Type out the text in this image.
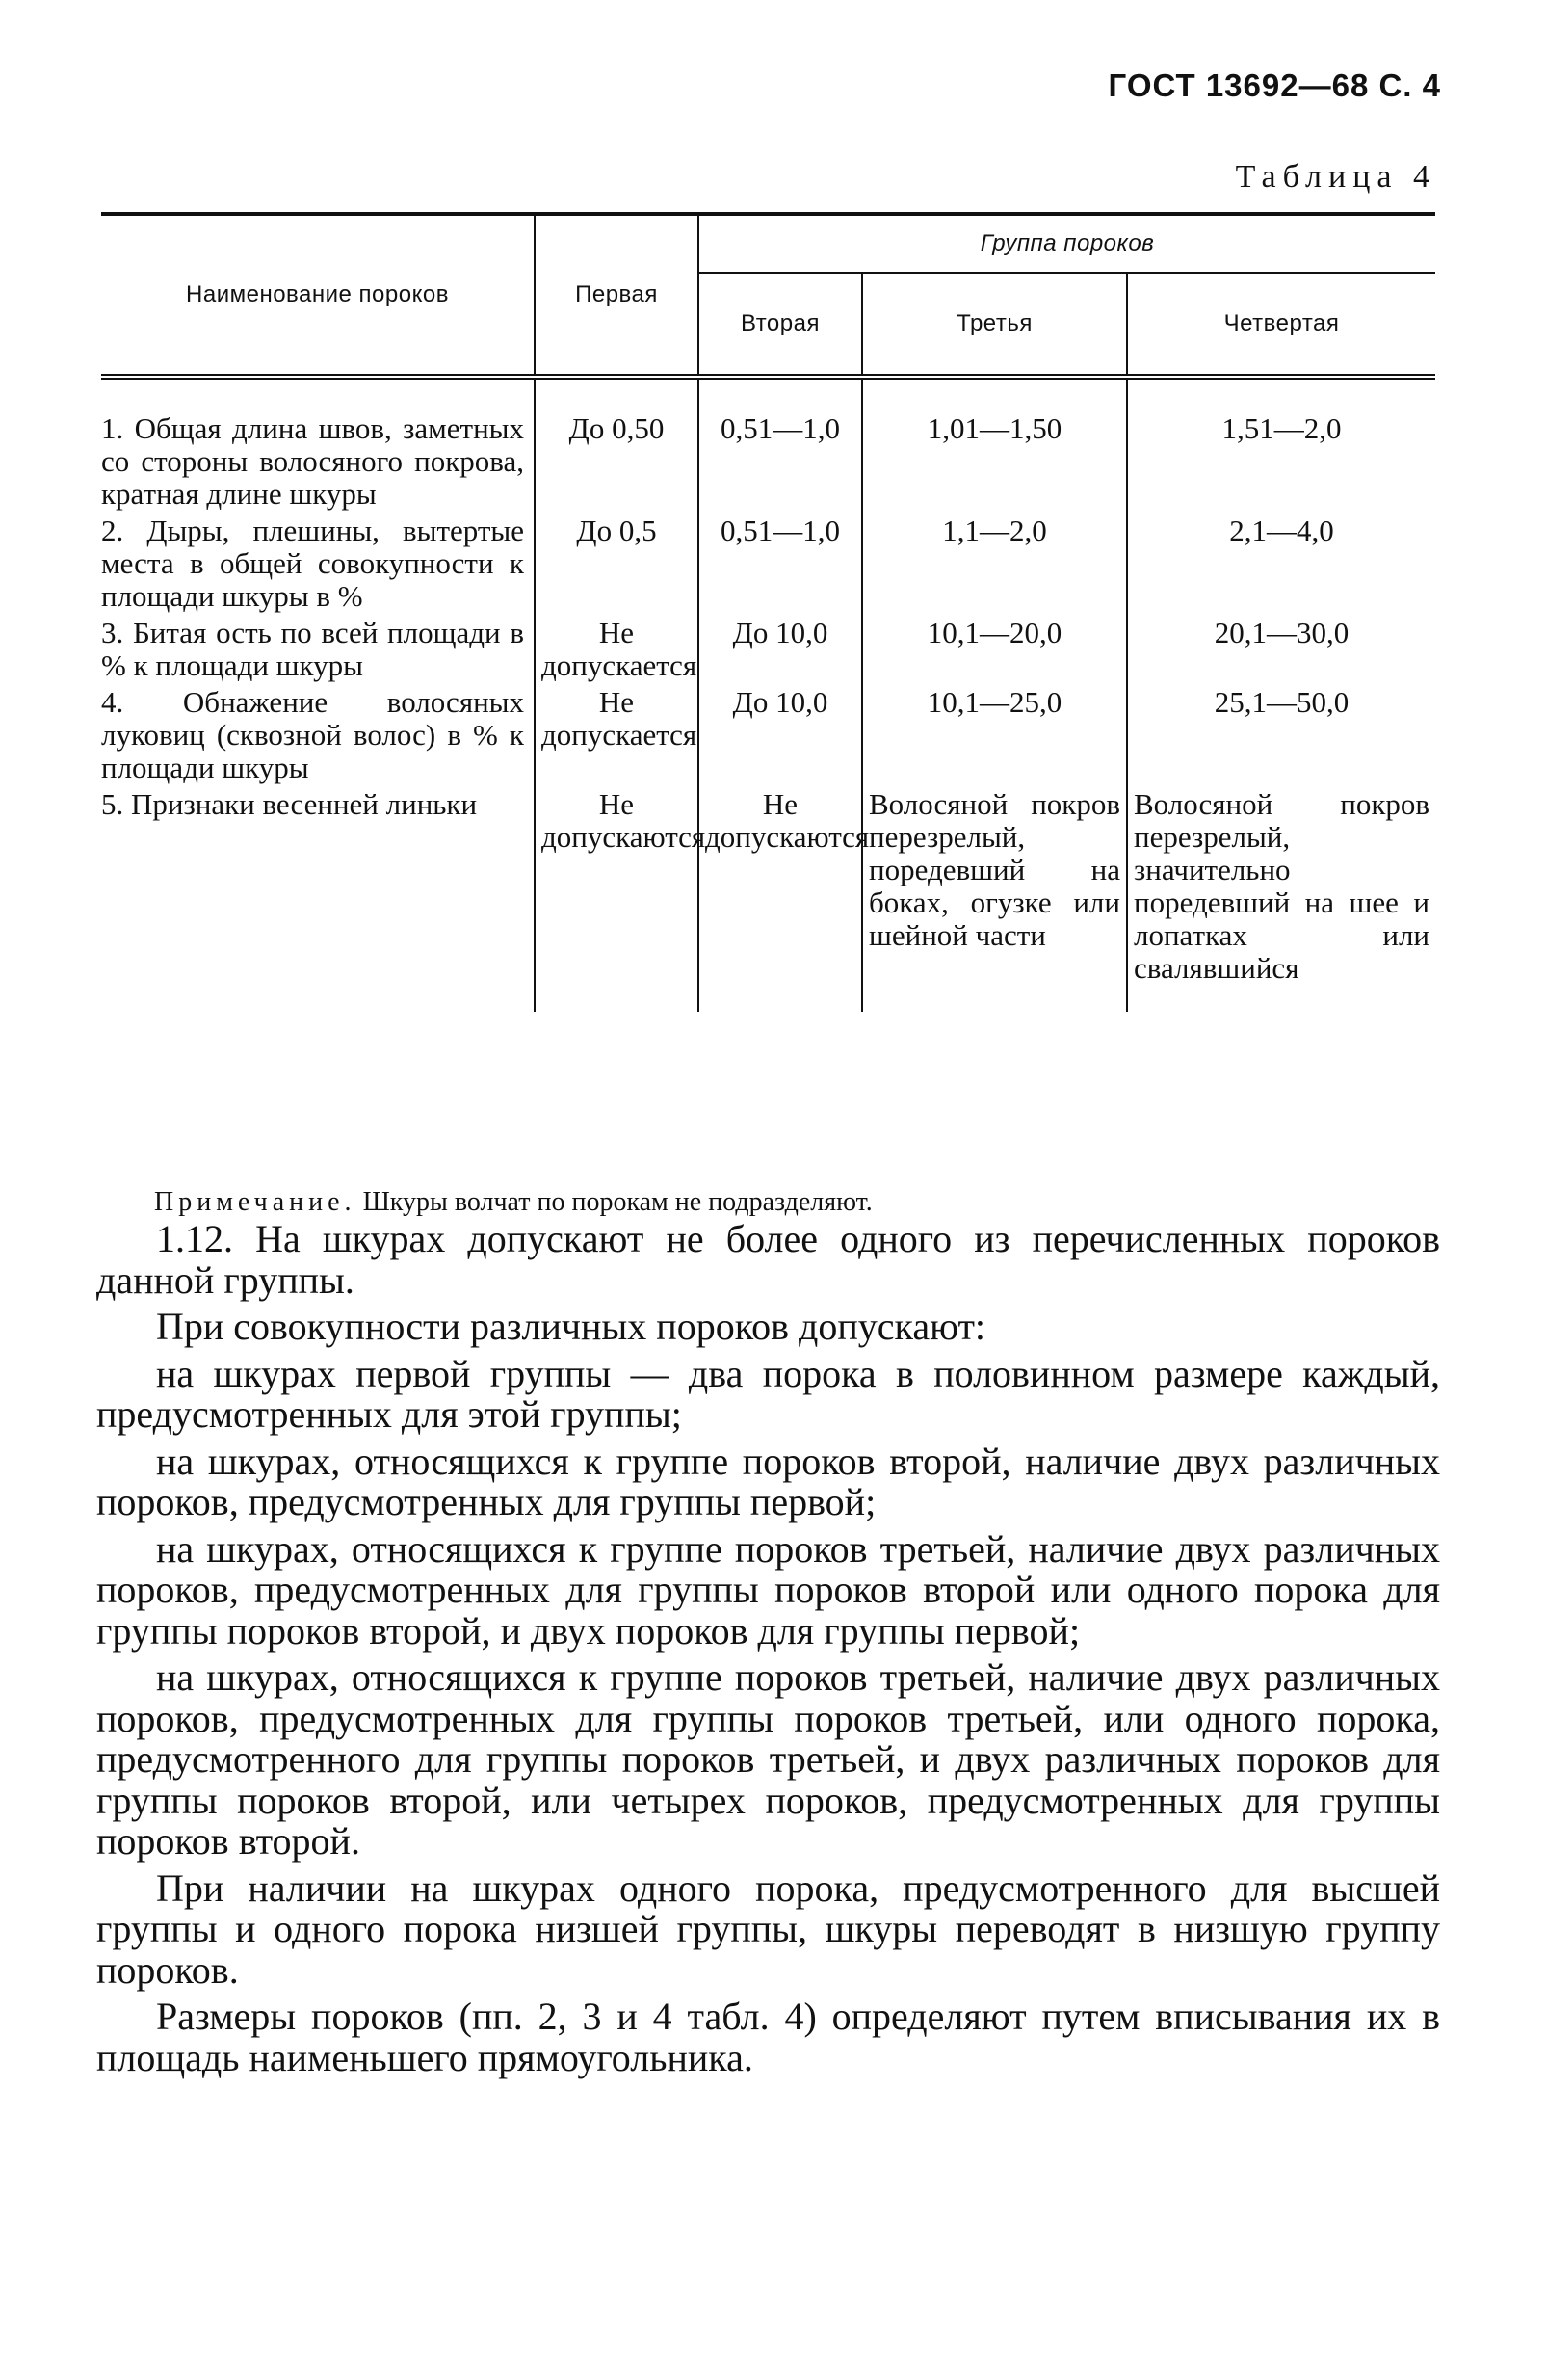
ГОСТ 13692—68 С. 4
Таблица 4
Наименование пороков	Первая	Группа пороков		
		Вторая	Третья	Четвертая
1. Общая длина швов, заметных со стороны волосяного покрова, кратная длине шкуры	До 0,50	0,51—1,0	1,01—1,50	1,51—2,0
2. Дыры, плешины, вытертые места в общей совокупности к площади шкуры в %	До 0,5	0,51—1,0	1,1—2,0	2,1—4,0
3. Битая ость по всей площади в % к площади шкуры	Не допускается	До 10,0	10,1—20,0	20,1—30,0
4. Обнажение волосяных луковиц (сквозной волос) в % к площади шкуры	Не допускается	До 10,0	10,1—25,0	25,1—50,0
5. Признаки весенней линьки	Не допускаются	Не допускаются	Волосяной покров перезрелый, поредевший на боках, огузке или шейной части	Волосяной покров перезрелый, значительно поредевший на шее и лопатках или свалявшийся
Примечание. Шкуры волчат по порокам не подразделяют.

1.12. На шкурах допускают не более одного из перечисленных пороков данной группы.

При совокупности различных пороков допускают:

на шкурах первой группы — два порока в половинном размере каждый, предусмотренных для этой группы;

на шкурах, относящихся к группе пороков второй, наличие двух различных пороков, предусмотренных для группы первой;

на шкурах, относящихся к группе пороков третьей, наличие двух различных пороков, предусмотренных для группы пороков второй или одного порока для группы пороков второй, и двух пороков для группы первой;

на шкурах, относящихся к группе пороков третьей, наличие двух различных пороков, предусмотренных для группы пороков третьей, или одного порока, предусмотренного для группы пороков третьей, и двух различных пороков для группы пороков второй, или четырех пороков, предусмотренных для группы пороков второй.

При наличии на шкурах одного порока, предусмотренного для высшей группы и одного порока низшей группы, шкуры переводят в низшую группу пороков.

Размеры пороков (пп. 2, 3 и 4 табл. 4) определяют путем вписывания их в площадь наименьшего прямоугольника.
